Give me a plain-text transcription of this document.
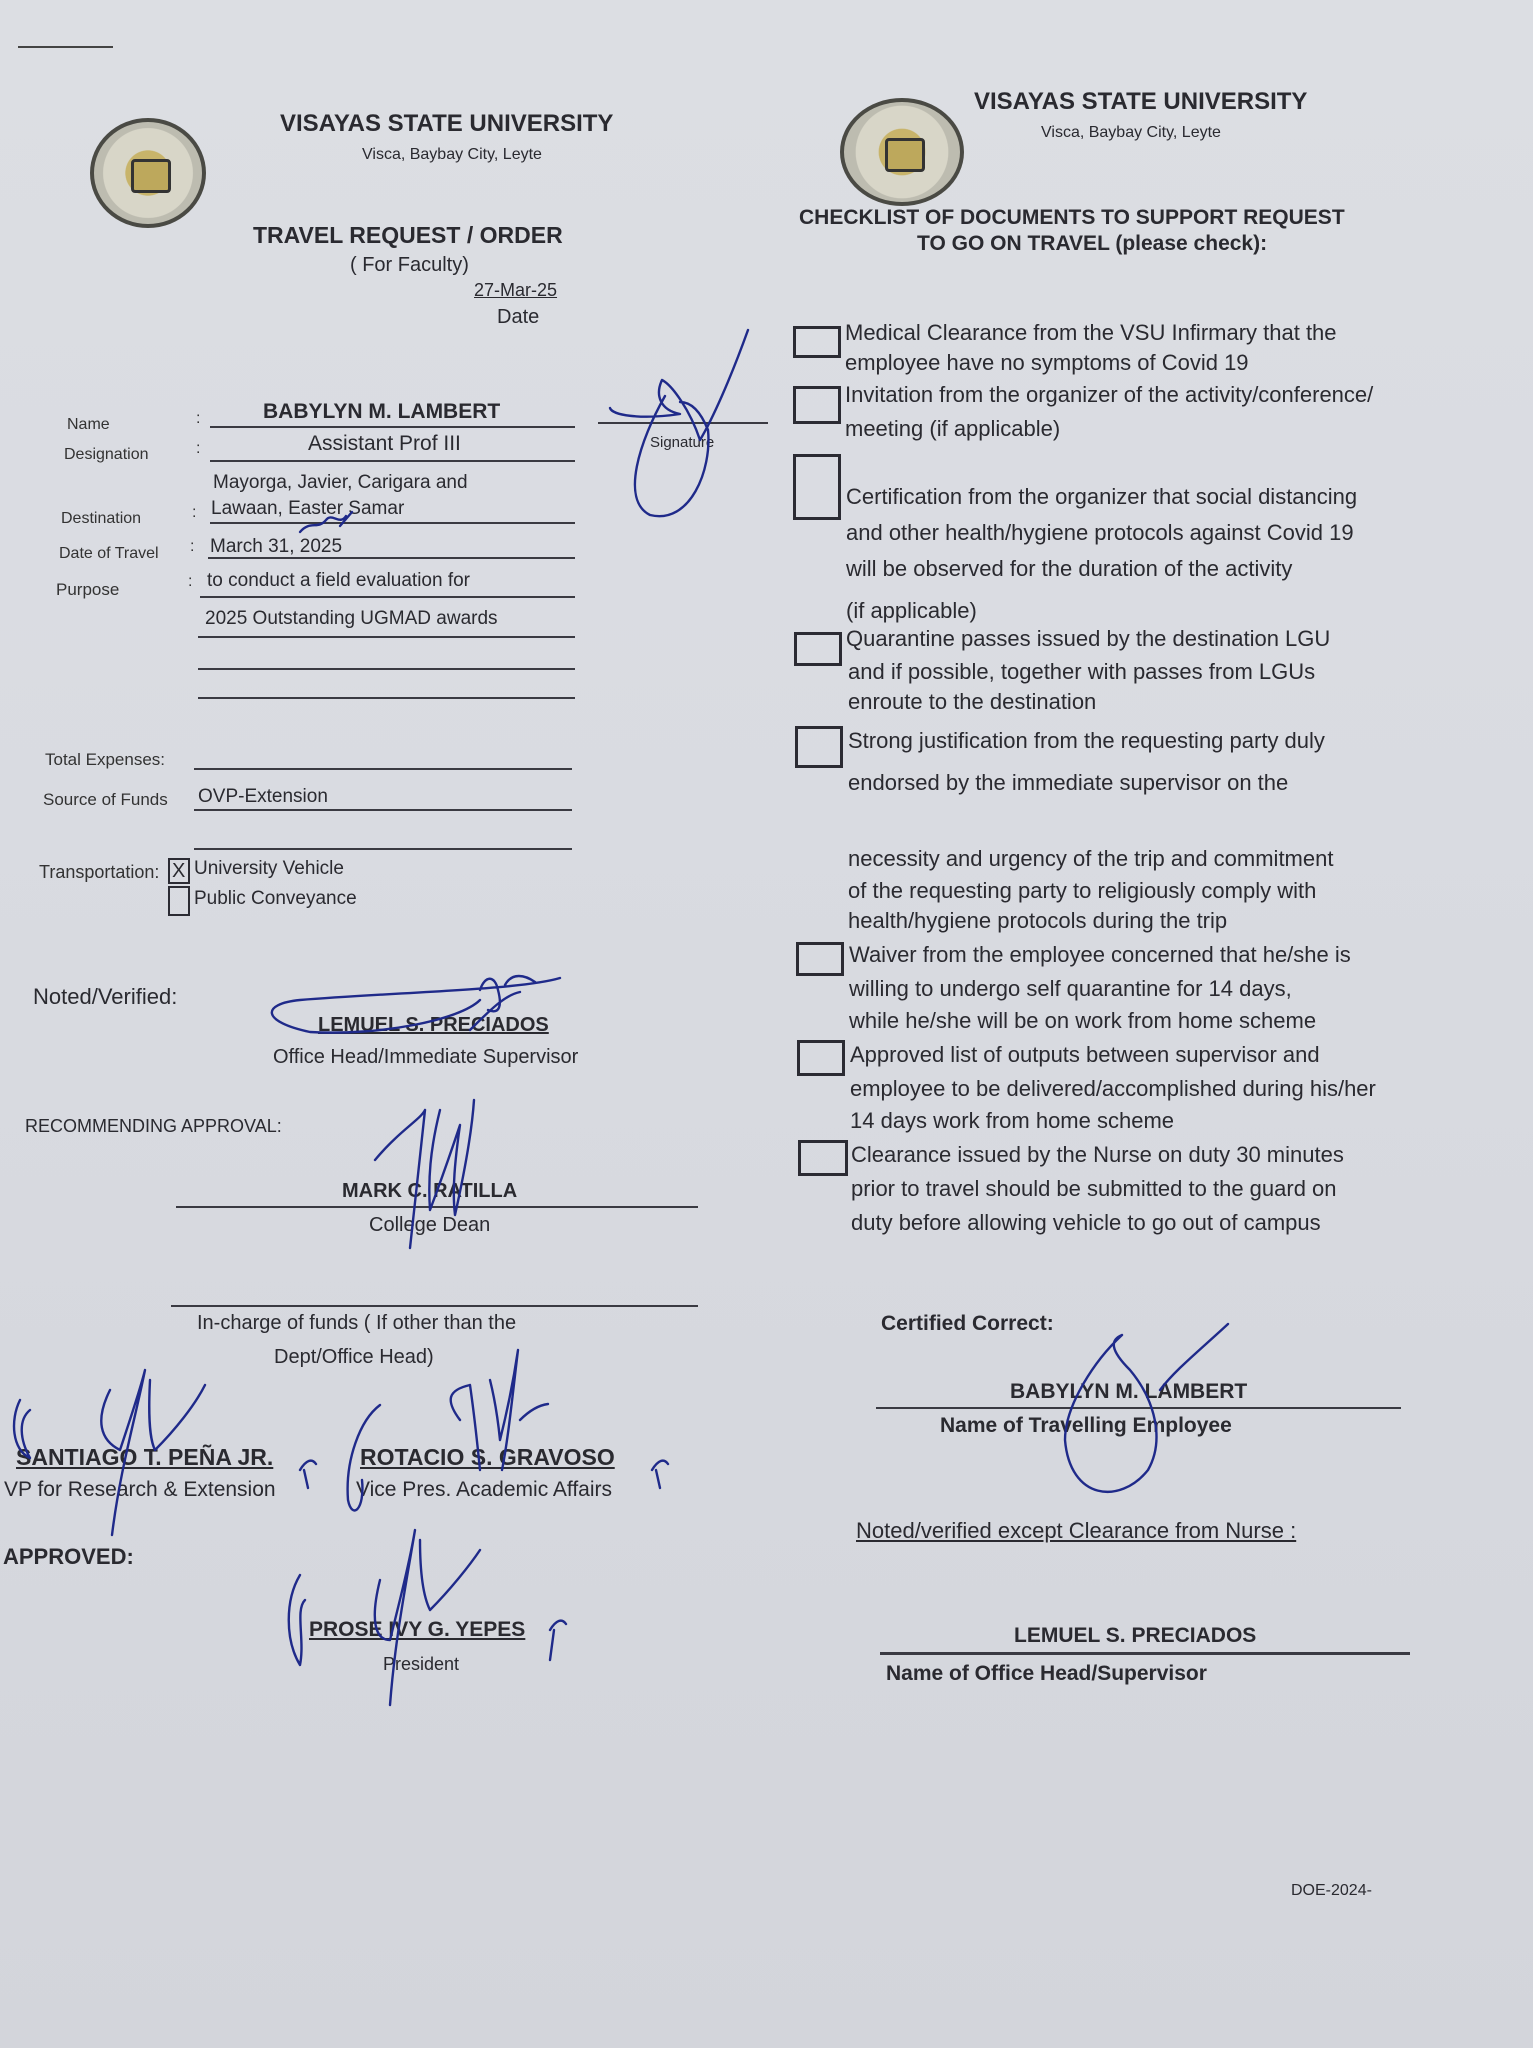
VISAYAS STATE UNIVERSITY
Visca, Baybay City, Leyte
TRAVEL REQUEST / ORDER
( For Faculty)
27-Mar-25
Date
Signature
Name	:	BABYLYN M. LAMBERT
Designation	:	Assistant Prof III
Mayorga, Javier, Carigara and
Destination	: Lawaan, Easter Samar
Date of Travel : March 31, 2025
Purpose	: to conduct a field evaluation for
2025 Outstanding UGMAD awards
Total Expenses:
Source of Funds OVP-Extension
Transportation: X University Vehicle
Public Conveyance
Noted/Verified:
LEMUEL S. PRECIADOS
Office Head/Immediate Supervisor
RECOMMENDING APPROVAL:
MARK C. RATILLA
College Dean
In-charge of funds ( If other than the
Dept/Office Head)
SANTIAGO T. PEÑA JR.
VP for Research & Extension
ROTACIO S. GRAVOSO
Vice Pres. Academic Affairs
APPROVED:
PROSE IVY G. YEPES
President
VISAYAS STATE UNIVERSITY
Visca, Baybay City, Leyte
CHECKLIST OF DOCUMENTS TO SUPPORT REQUEST
TO GO ON TRAVEL (please check):
Medical Clearance from the VSU Infirmary that the
employee have no symptoms of Covid 19
Invitation from the organizer of the activity/conference/
meeting (if applicable)
Certification from the organizer that social distancing
and other health/hygiene protocols against Covid 19
will be observed for the duration of the activity
(if applicable)
Quarantine passes issued by the destination LGU
and if possible, together with passes from LGUs
enroute to the destination
Strong justification from the requesting party duly
endorsed by the immediate supervisor on the
necessity and urgency of the trip and commitment
of the requesting party to religiously comply with
health/hygiene protocols during the trip
Waiver from the employee concerned that he/she is
willing to undergo self quarantine for 14 days,
while he/she will be on work from home scheme
Approved list of outputs between supervisor and
employee to be delivered/accomplished during his/her
14 days work from home scheme
Clearance issued by the Nurse on duty 30 minutes
prior to travel should be submitted to the guard on
duty before allowing vehicle to go out of campus
Certified Correct:
BABYLYN M. LAMBERT
Name of Travelling Employee
Noted/verified except Clearance from Nurse :
LEMUEL S. PRECIADOS
Name of Office Head/Supervisor
DOE-2024-
